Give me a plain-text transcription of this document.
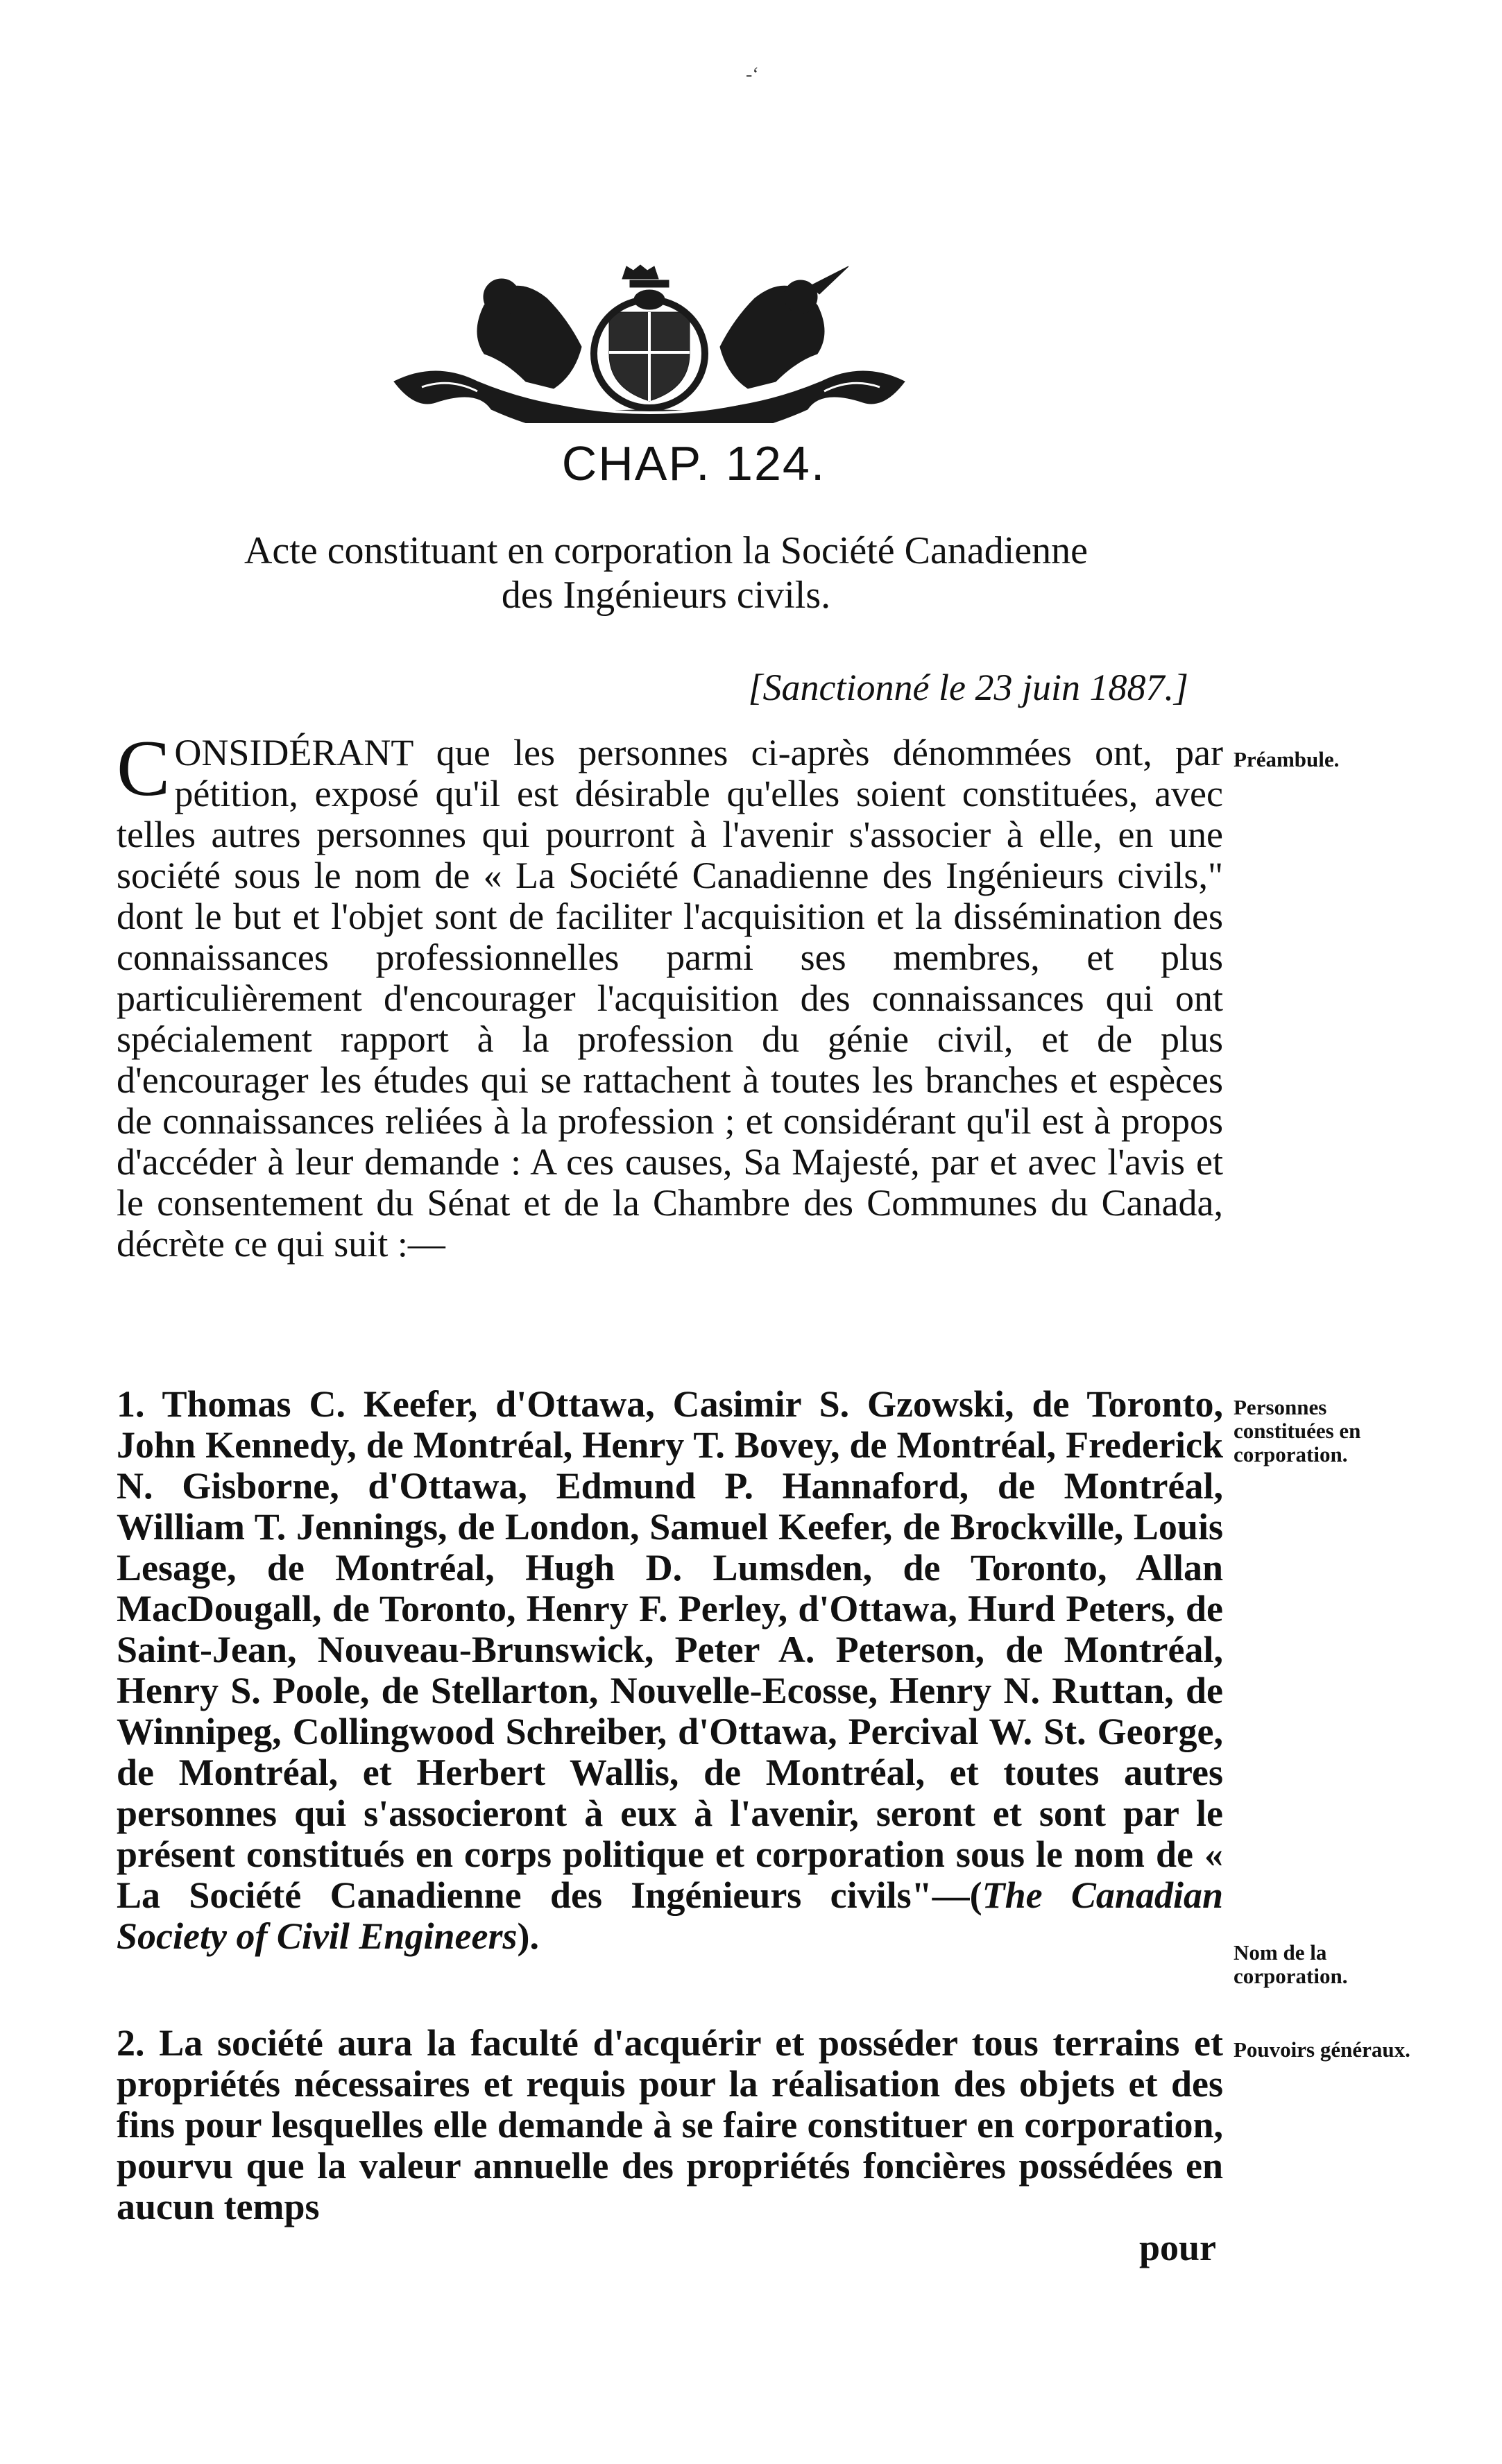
-‘
CHAP. 124.
Acte constituant en corporation la Société Canadienne
des Ingénieurs civils.
[Sanctionné le 23 juin 1887.]
CONSIDÉRANT que les personnes ci-après dénommées ont, par pétition, exposé qu'il est désirable qu'elles soient constituées, avec telles autres personnes qui pourront à l'avenir s'associer à elle, en une société sous le nom de « La Société Canadienne des Ingénieurs civils," dont le but et l'objet sont de faciliter l'acquisition et la dissémination des connaissances professionnelles parmi ses membres, et plus particulièrement d'encourager l'acquisition des connaissances qui ont spécialement rapport à la profession du génie civil, et de plus d'encourager les études qui se rattachent à toutes les branches et espèces de connaissances reliées à la profession ; et considérant qu'il est à propos d'accéder à leur demande : A ces causes, Sa Majesté, par et avec l'avis et le consentement du Sénat et de la Chambre des Communes du Canada, décrète ce qui suit :—
Préambule.
1. Thomas C. Keefer, d'Ottawa, Casimir S. Gzowski, de Toronto, John Kennedy, de Montréal, Henry T. Bovey, de Montréal, Frederick N. Gisborne, d'Ottawa, Edmund P. Hannaford, de Montréal, William T. Jennings, de London, Samuel Keefer, de Brockville, Louis Lesage, de Montréal, Hugh D. Lumsden, de Toronto, Allan MacDougall, de Toronto, Henry F. Perley, d'Ottawa, Hurd Peters, de Saint-Jean, Nouveau-Brunswick, Peter A. Peterson, de Montréal, Henry S. Poole, de Stellarton, Nouvelle-Ecosse, Henry N. Ruttan, de Winnipeg, Collingwood Schreiber, d'Ottawa, Percival W. St. George, de Montréal, et Herbert Wallis, de Montréal, et toutes autres personnes qui s'associeront à eux à l'avenir, seront et sont par le présent constitués en corps politique et corporation sous le nom de « La Société Canadienne des Ingénieurs civils"—(The Canadian Society of Civil Engineers).
Personnes constituées en corporation.
Nom de la corporation.
2. La société aura la faculté d'acquérir et posséder tous terrains et propriétés nécessaires et requis pour la réalisation des objets et des fins pour lesquelles elle demande à se faire constituer en corporation, pourvu que la valeur annuelle des propriétés foncières possédées en aucun temps
pour
Pouvoirs généraux.
